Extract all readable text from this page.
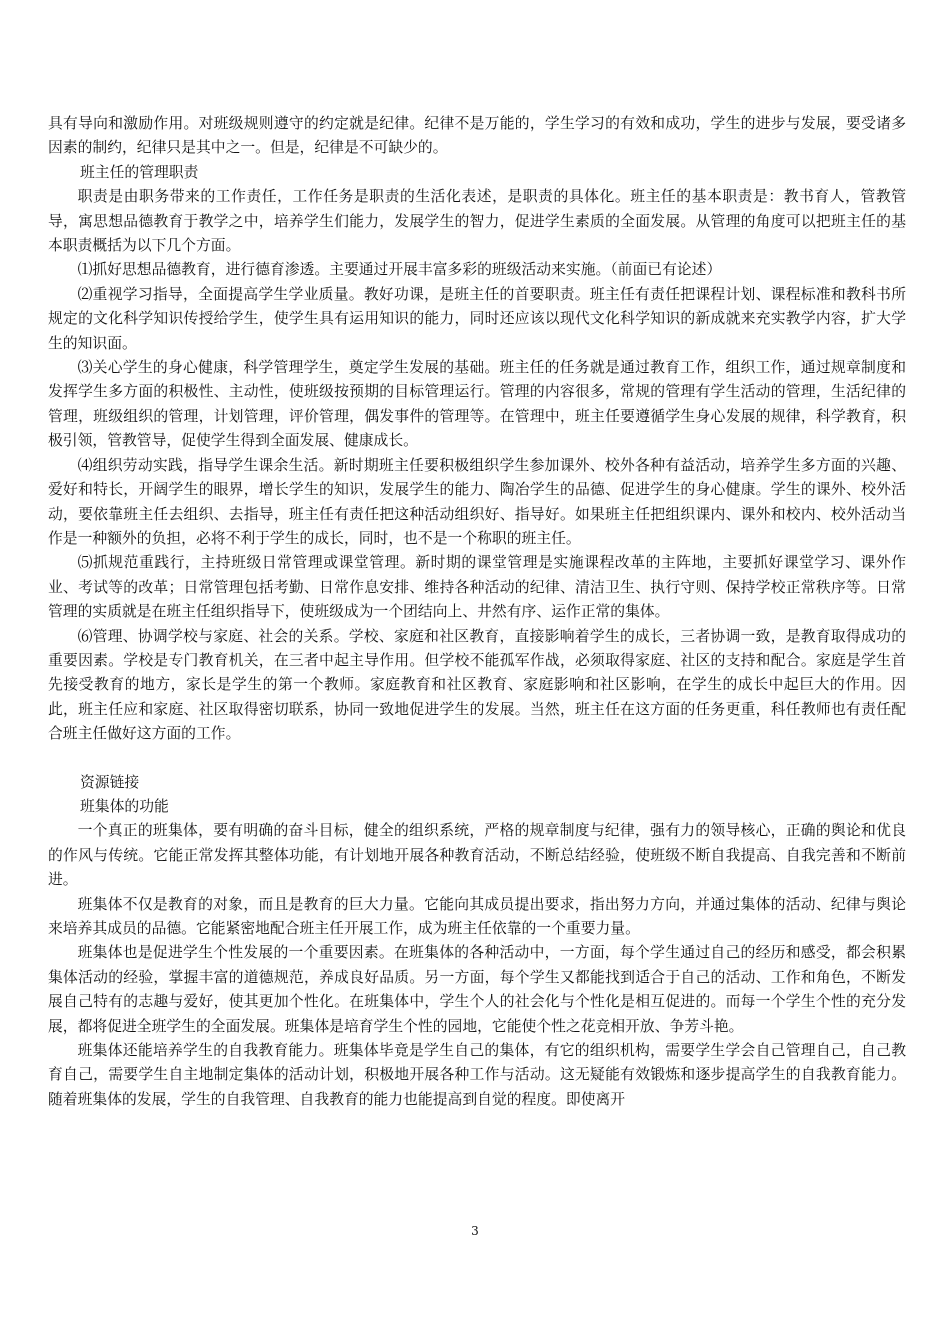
具有导向和激励作用。对班级规则遵守的约定就是纪律。纪律不是万能的，学生学习的有效和成功，学生的进步与发展，要受诸多因素的制约，纪律只是其中之一。但是，纪律是不可缺少的。

班主任的管理职责

职责是由职务带来的工作责任，工作任务是职责的生活化表述，是职责的具体化。班主任的基本职责是：教书育人，管教管导，寓思想品德教育于教学之中，培养学生们能力，发展学生的智力，促进学生素质的全面发展。从管理的角度可以把班主任的基本职责概括为以下几个方面。

⑴抓好思想品德教育，进行德育渗透。主要通过开展丰富多彩的班级活动来实施。（前面已有论述）

⑵重视学习指导，全面提高学生学业质量。教好功课，是班主任的首要职责。班主任有责任把课程计划、课程标准和教科书所规定的文化科学知识传授给学生，使学生具有运用知识的能力，同时还应该以现代文化科学知识的新成就来充实教学内容，扩大学生的知识面。

⑶关心学生的身心健康，科学管理学生，奠定学生发展的基础。班主任的任务就是通过教育工作，组织工作，通过规章制度和发挥学生多方面的积极性、主动性，使班级按预期的目标管理运行。管理的内容很多，常规的管理有学生活动的管理，生活纪律的管理，班级组织的管理，计划管理，评价管理，偶发事件的管理等。在管理中，班主任要遵循学生身心发展的规律，科学教育，积极引领，管教管导，促使学生得到全面发展、健康成长。

⑷组织劳动实践，指导学生课余生活。新时期班主任要积极组织学生参加课外、校外各种有益活动，培养学生多方面的兴趣、爱好和特长，开阔学生的眼界，增长学生的知识，发展学生的能力、陶冶学生的品德、促进学生的身心健康。学生的课外、校外活动，要依靠班主任去组织、去指导，班主任有责任把这种活动组织好、指导好。如果班主任把组织课内、课外和校内、校外活动当作是一种额外的负担，必将不利于学生的成长，同时，也不是一个称职的班主任。

⑸抓规范重践行，主持班级日常管理或课堂管理。新时期的课堂管理是实施课程改革的主阵地，主要抓好课堂学习、课外作业、考试等的改革；日常管理包括考勤、日常作息安排、维持各种活动的纪律、清洁卫生、执行守则、保持学校正常秩序等。日常管理的实质就是在班主任组织指导下，使班级成为一个团结向上、井然有序、运作正常的集体。

⑹管理、协调学校与家庭、社会的关系。学校、家庭和社区教育，直接影响着学生的成长，三者协调一致，是教育取得成功的重要因素。学校是专门教育机关，在三者中起主导作用。但学校不能孤军作战，必须取得家庭、社区的支持和配合。家庭是学生首先接受教育的地方，家长是学生的第一个教师。家庭教育和社区教育、家庭影响和社区影响，在学生的成长中起巨大的作用。因此，班主任应和家庭、社区取得密切联系，协同一致地促进学生的发展。当然，班主任在这方面的任务更重，科任教师也有责任配合班主任做好这方面的工作。

资源链接

班集体的功能

一个真正的班集体，要有明确的奋斗目标，健全的组织系统，严格的规章制度与纪律，强有力的领导核心，正确的舆论和优良的作风与传统。它能正常发挥其整体功能，有计划地开展各种教育活动，不断总结经验，使班级不断自我提高、自我完善和不断前进。

班集体不仅是教育的对象，而且是教育的巨大力量。它能向其成员提出要求，指出努力方向，并通过集体的活动、纪律与舆论来培养其成员的品德。它能紧密地配合班主任开展工作，成为班主任依靠的一个重要力量。

班集体也是促进学生个性发展的一个重要因素。在班集体的各种活动中，一方面，每个学生通过自己的经历和感受，都会积累集体活动的经验，掌握丰富的道德规范，养成良好品质。另一方面，每个学生又都能找到适合于自己的活动、工作和角色，不断发展自己特有的志趣与爱好，使其更加个性化。在班集体中，学生个人的社会化与个性化是相互促进的。而每一个学生个性的充分发展，都将促进全班学生的全面发展。班集体是培育学生个性的园地，它能使个性之花竞相开放、争芳斗艳。

班集体还能培养学生的自我教育能力。班集体毕竟是学生自己的集体，有它的组织机构，需要学生学会自己管理自己，自己教育自己，需要学生自主地制定集体的活动计划，积极地开展各种工作与活动。这无疑能有效锻炼和逐步提高学生的自我教育能力。随着班集体的发展，学生的自我管理、自我教育的能力也能提高到自觉的程度。即使离开

3
